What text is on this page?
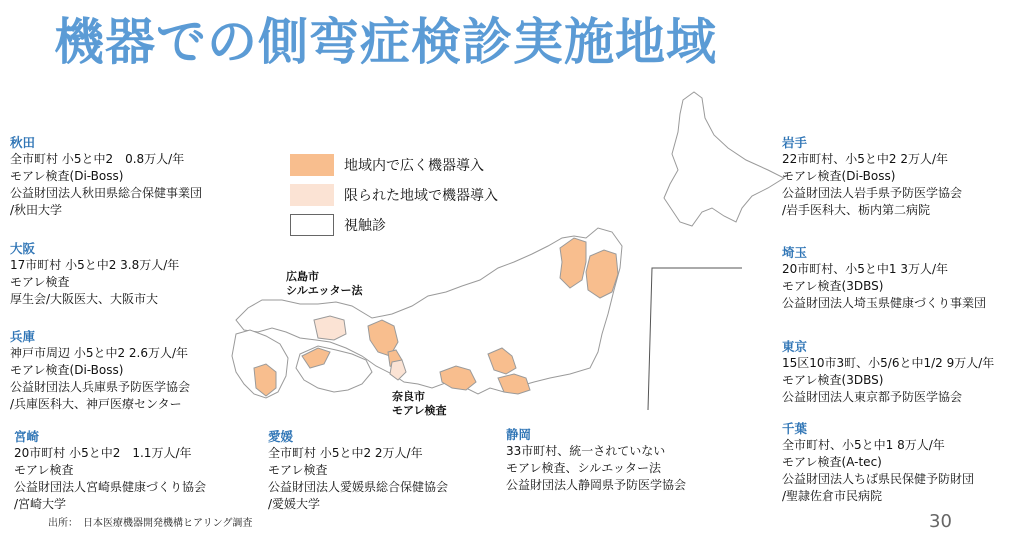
機器での側弯症検診実施地域
地域内で広く機器導入
限られた地域で機器導入
視触診
広島市
シルエッター法
奈良市
モアレ検査
秋田
全市町村 小5と中2　0.8万人/年
モアレ検査(Di-Boss)
公益財団法人秋田県総合保健事業団
/秋田大学
大阪
17市町村 小5と中2 3.8万人/年
モアレ検査
厚生会/大阪医大、大阪市大
兵庫
神戸市周辺 小5と中2 2.6万人/年
モアレ検査(Di-Boss)
公益財団法人兵庫県予防医学協会
/兵庫医科大、神戸医療センター
宮崎
20市町村 小5と中2　1.1万人/年
モアレ検査
公益財団法人宮崎県健康づくり協会
/宮崎大学
愛媛
全市町村 小5と中2 2万人/年
モアレ検査
公益財団法人愛媛県総合保健協会
/愛媛大学
静岡
33市町村、統一されていない
モアレ検査、シルエッター法
公益財団法人静岡県予防医学協会
岩手
22市町村、小5と中2 2万人/年
モアレ検査(Di-Boss)
公益財団法人岩手県予防医学協会
/岩手医科大、栃内第二病院
埼玉
20市町村、小5と中1 3万人/年
モアレ検査(3DBS)
公益財団法人埼玉県健康づくり事業団
東京
15区10市3町、小5/6と中1/2 9万人/年
モアレ検査(3DBS)
公益財団法人東京都予防医学協会
千葉
全市町村、小5と中1 8万人/年
モアレ検査(A-tec)
公益財団法人ちば県民保健予防財団
/聖隷佐倉市民病院
出所：　日本医療機器開発機構ヒアリング調査	30
